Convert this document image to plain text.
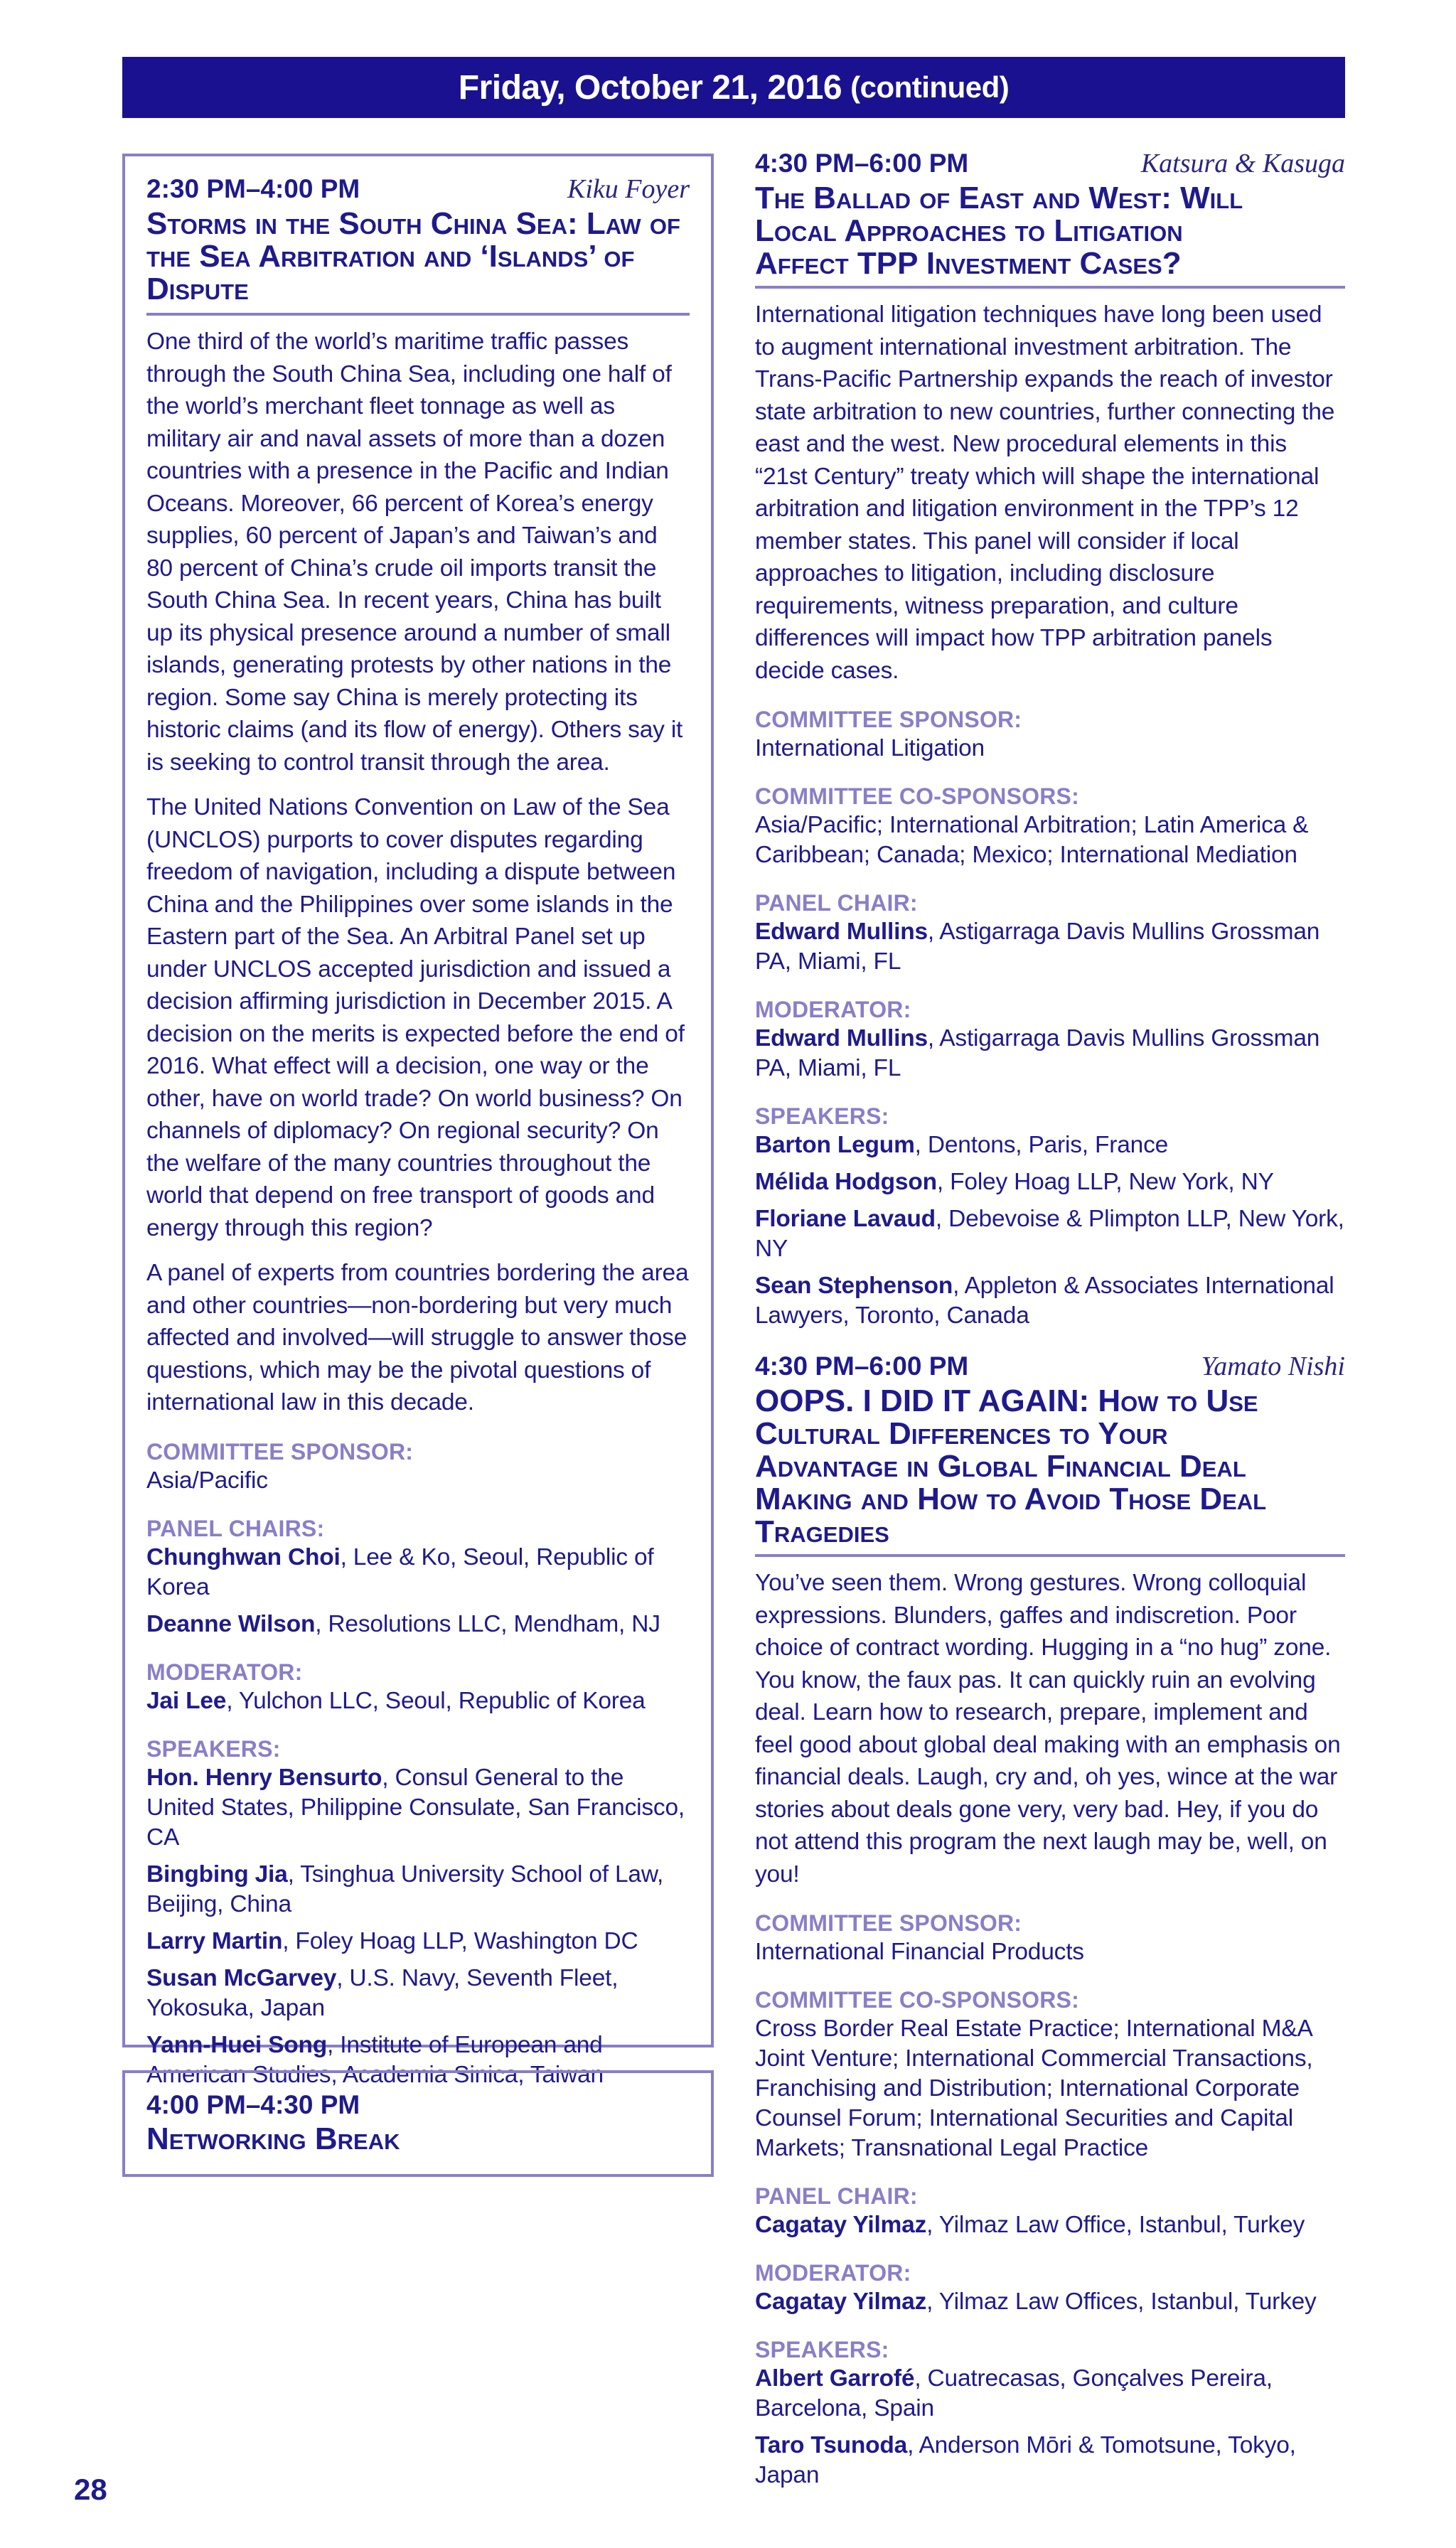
Friday, October 21, 2016 (continued)
2:30 PM–4:00 PM	Kiku Foyer
Storms in the South China Sea: Law of the Sea Arbitration and ‘Islands’ of Dispute

One third of the world’s maritime traffic passes through the South China Sea, including one half of the world’s merchant fleet tonnage as well as military air and naval assets of more than a dozen countries with a presence in the Pacific and Indian Oceans. Moreover, 66 percent of Korea’s energy supplies, 60 percent of Japan’s and Taiwan’s and 80 percent of China’s crude oil imports transit the South China Sea. In recent years, China has built up its physical presence around a number of small islands, generating protests by other nations in the region. Some say China is merely protecting its historic claims (and its flow of energy). Others say it is seeking to control transit through the area.

The United Nations Convention on Law of the Sea (UNCLOS) purports to cover disputes regarding freedom of navigation, including a dispute between China and the Philippines over some islands in the Eastern part of the Sea. An Arbitral Panel set up under UNCLOS accepted jurisdiction and issued a decision affirming jurisdiction in December 2015. A decision on the merits is expected before the end of 2016. What effect will a decision, one way or the other, have on world trade? On world business? On channels of diplomacy? On regional security? On the welfare of the many countries throughout the world that depend on free transport of goods and energy through this region?

A panel of experts from countries bordering the area and other countries—non-bordering but very much affected and involved—will struggle to answer those questions, which may be the pivotal questions of international law in this decade.

COMMITTEE SPONSOR:
Asia/Pacific
PANEL CHAIRS:
Chunghwan Choi, Lee & Ko, Seoul, Republic of Korea
Deanne Wilson, Resolutions LLC, Mendham, NJ
MODERATOR:
Jai Lee, Yulchon LLC, Seoul, Republic of Korea
SPEAKERS:
Hon. Henry Bensurto, Consul General to the United States, Philippine Consulate, San Francisco, CA
Bingbing Jia, Tsinghua University School of Law, Beijing, China
Larry Martin, Foley Hoag LLP, Washington DC
Susan McGarvey, U.S. Navy, Seventh Fleet, Yokosuka, Japan
Yann-Huei Song, Institute of European and American Studies, Academia Sinica, Taiwan
4:00 PM–4:30 PM
Networking Break
4:30 PM–6:00 PM	Katsura & Kasuga
The Ballad of East and West: Will Local Approaches to Litigation Affect TPP Investment Cases?

International litigation techniques have long been used to augment international investment arbitration. The Trans-Pacific Partnership expands the reach of investor state arbitration to new countries, further connecting the east and the west. New procedural elements in this “21st Century” treaty which will shape the international arbitration and litigation environment in the TPP’s 12 member states. This panel will consider if local approaches to litigation, including disclosure requirements, witness preparation, and culture differences will impact how TPP arbitration panels decide cases.

COMMITTEE SPONSOR:
International Litigation
COMMITTEE CO-SPONSORS:
Asia/Pacific; International Arbitration; Latin America & Caribbean; Canada; Mexico; International Mediation
PANEL CHAIR:
Edward Mullins, Astigarraga Davis Mullins Grossman PA, Miami, FL
MODERATOR:
Edward Mullins, Astigarraga Davis Mullins Grossman PA, Miami, FL
SPEAKERS:
Barton Legum, Dentons, Paris, France
Mélida Hodgson, Foley Hoag LLP, New York, NY
Floriane Lavaud, Debevoise & Plimpton LLP, New York, NY
Sean Stephenson, Appleton & Associates International Lawyers, Toronto, Canada
4:30 PM–6:00 PM	Yamato Nishi
OOPS. I DID IT AGAIN: How to Use Cultural Differences to Your Advantage in Global Financial Deal Making and How to Avoid Those Deal Tragedies

You’ve seen them. Wrong gestures. Wrong colloquial expressions. Blunders, gaffes and indiscretion. Poor choice of contract wording. Hugging in a “no hug” zone. You know, the faux pas. It can quickly ruin an evolving deal. Learn how to research, prepare, implement and feel good about global deal making with an emphasis on financial deals. Laugh, cry and, oh yes, wince at the war stories about deals gone very, very bad. Hey, if you do not attend this program the next laugh may be, well, on you!

COMMITTEE SPONSOR:
International Financial Products
COMMITTEE CO-SPONSORS:
Cross Border Real Estate Practice; International M&A Joint Venture; International Commercial Transactions, Franchising and Distribution; International Corporate Counsel Forum; International Securities and Capital Markets; Transnational Legal Practice
PANEL CHAIR:
Cagatay Yilmaz, Yilmaz Law Office, Istanbul, Turkey
MODERATOR:
Cagatay Yilmaz, Yilmaz Law Offices, Istanbul, Turkey
SPEAKERS:
Albert Garrofé, Cuatrecasas, Gonçalves Pereira, Barcelona, Spain
Taro Tsunoda, Anderson Mōri & Tomotsune, Tokyo, Japan
28
